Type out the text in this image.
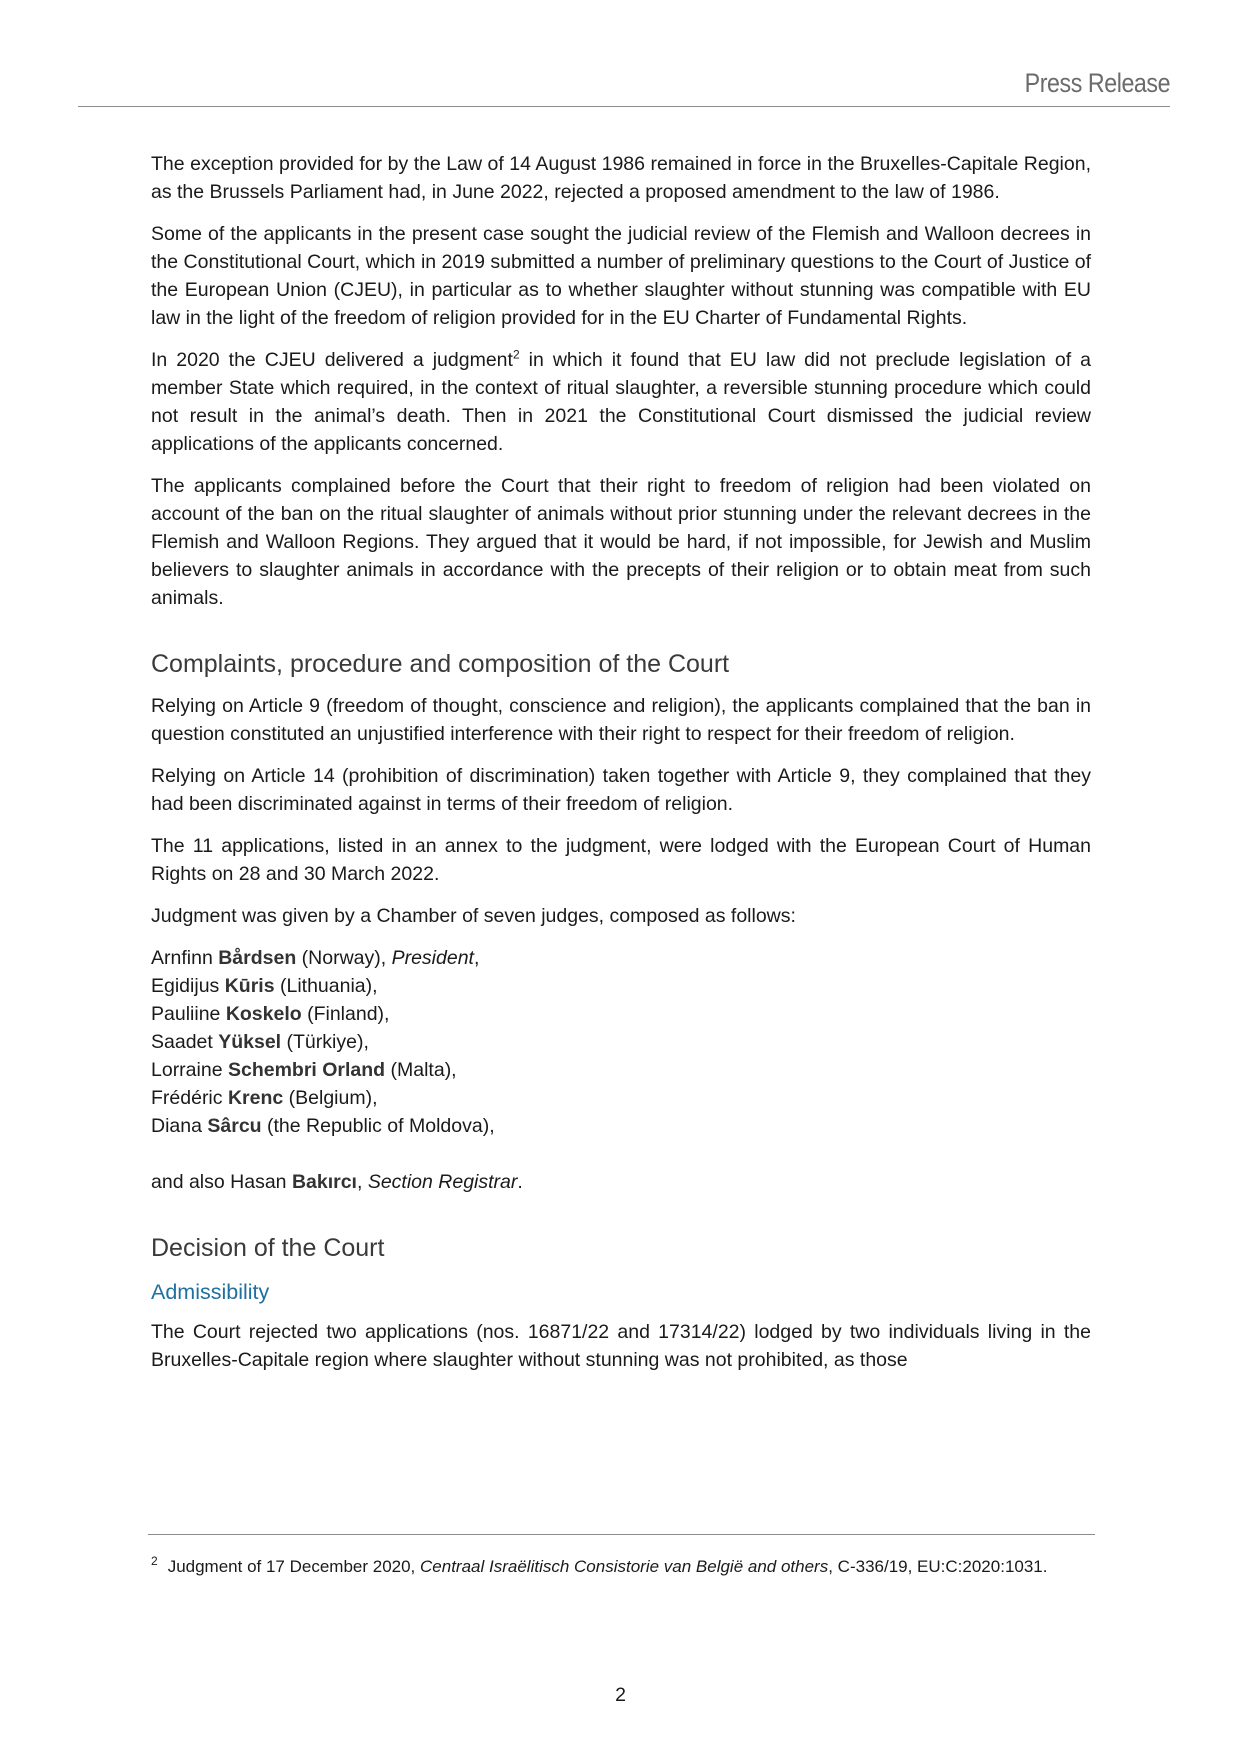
Press Release

The exception provided for by the Law of 14 August 1986 remained in force in the Bruxelles-Capitale Region, as the Brussels Parliament had, in June 2022, rejected a proposed amendment to the law of 1986.

Some of the applicants in the present case sought the judicial review of the Flemish and Walloon decrees in the Constitutional Court, which in 2019 submitted a number of preliminary questions to the Court of Justice of the European Union (CJEU), in particular as to whether slaughter without stunning was compatible with EU law in the light of the freedom of religion provided for in the EU Charter of Fundamental Rights.

In 2020 the CJEU delivered a judgment$^2$ in which it found that EU law did not preclude legislation of a member State which required, in the context of ritual slaughter, a reversible stunning procedure which could not result in the animal’s death. Then in 2021 the Constitutional Court dismissed the judicial review applications of the applicants concerned.

The applicants complained before the Court that their right to freedom of religion had been violated on account of the ban on the ritual slaughter of animals without prior stunning under the relevant decrees in the Flemish and Walloon Regions. They argued that it would be hard, if not impossible, for Jewish and Muslim believers to slaughter animals in accordance with the precepts of their religion or to obtain meat from such animals.

Complaints, procedure and composition of the Court

Relying on Article 9 (freedom of thought, conscience and religion), the applicants complained that the ban in question constituted an unjustified interference with their right to respect for their freedom of religion.

Relying on Article 14 (prohibition of discrimination) taken together with Article 9, they complained that they had been discriminated against in terms of their freedom of religion.

The 11 applications, listed in an annex to the judgment, were lodged with the European Court of Human Rights on 28 and 30 March 2022.

Judgment was given by a Chamber of seven judges, composed as follows:

Arnfinn Bårdsen (Norway), President,
Egidijus Kūris (Lithuania),
Pauliine Koskelo (Finland),
Saadet Yüksel (Türkiye),
Lorraine Schembri Orland (Malta),
Frédéric Krenc (Belgium),
Diana Sârcu (the Republic of Moldova),

and also Hasan Bakırcı, Section Registrar.

Decision of the Court
Admissibility

The Court rejected two applications (nos. 16871/22 and 17314/22) lodged by two individuals living in the Bruxelles-Capitale region where slaughter without stunning was not prohibited, as those

$^2$ Judgment of 17 December 2020, Centraal Israëlitisch Consistorie van België and others, C-336/19, EU:C:2020:1031.
2
